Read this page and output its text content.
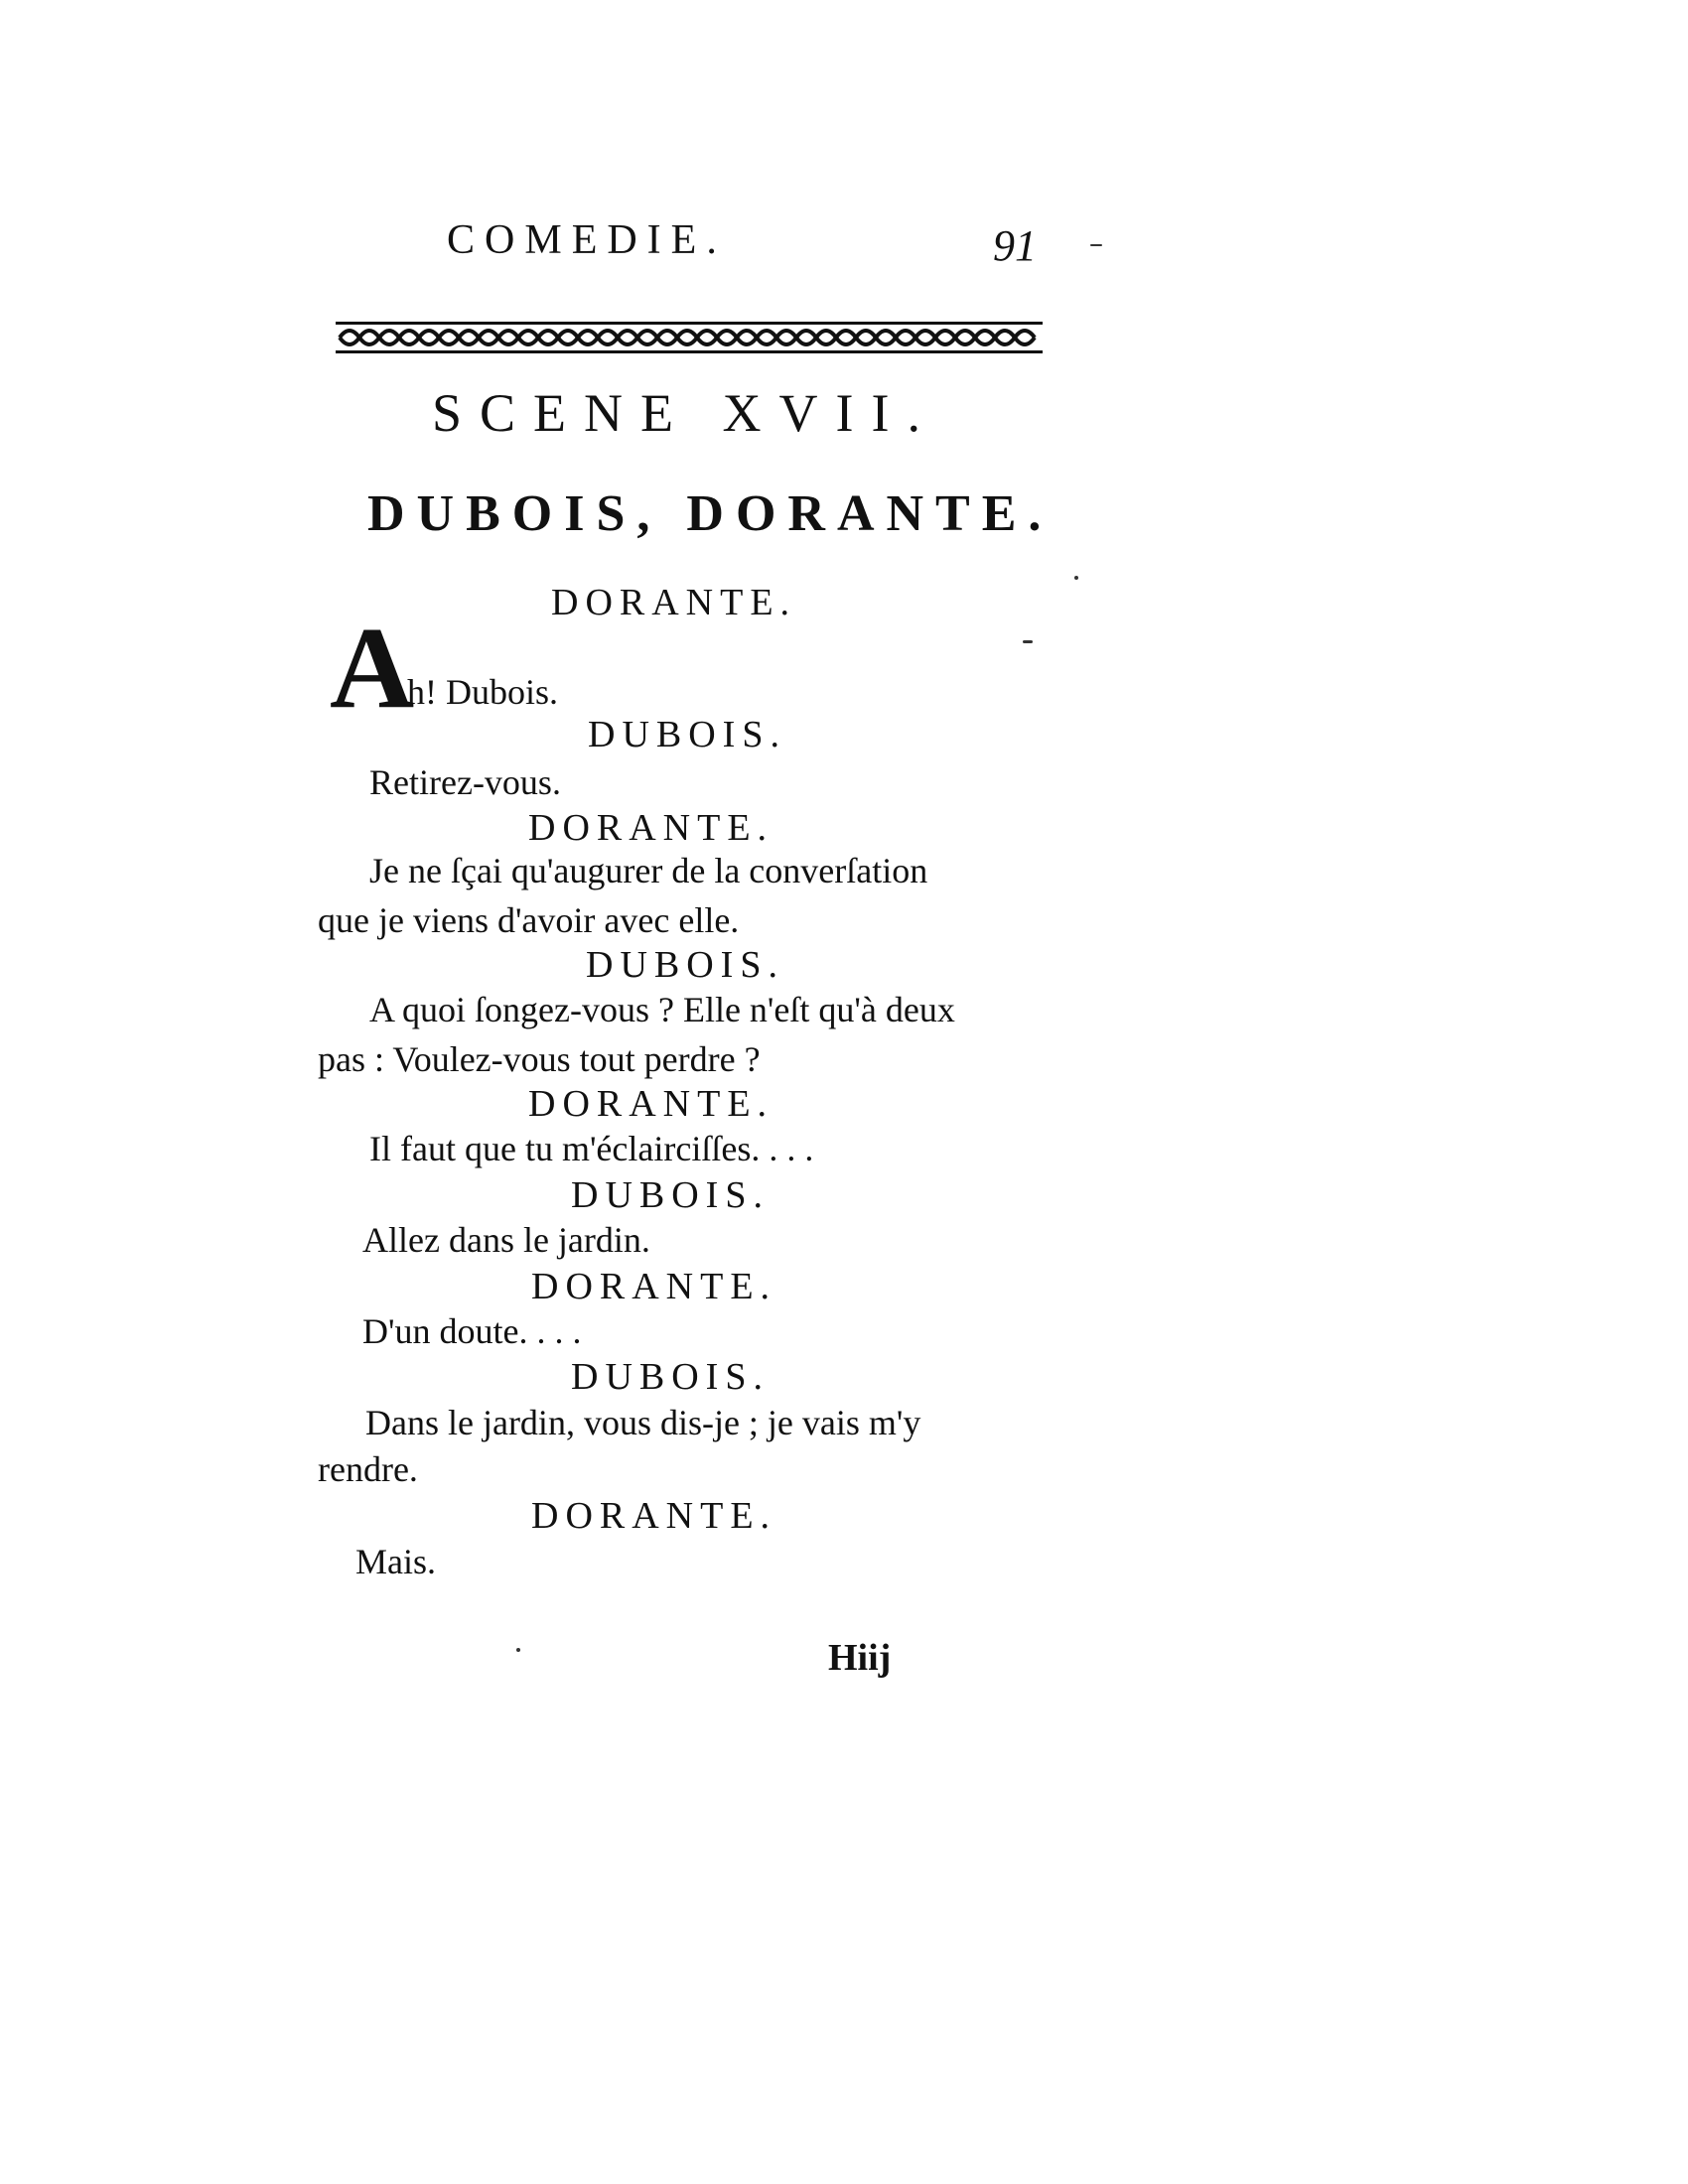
COMEDIE.	91
SCENE XVII.
DUBOIS, DORANTE.
DORANTE.
A
h! Dubois.
DUBOIS.
Retirez-vous.
DORANTE.
Je ne ſçai qu'augurer de la converſation
que je viens d'avoir avec elle.
DUBOIS.
A quoi ſongez-vous ? Elle n'eſt qu'à deux
pas : Voulez-vous tout perdre ?
DORANTE.
Il faut que tu m'éclairciſſes. . . .
DUBOIS.
Allez dans le jardin.
DORANTE.
D'un doute. . . .
DUBOIS.
Dans le jardin, vous dis-je ; je vais m'y
rendre.
DORANTE.
Mais.
Hiij
